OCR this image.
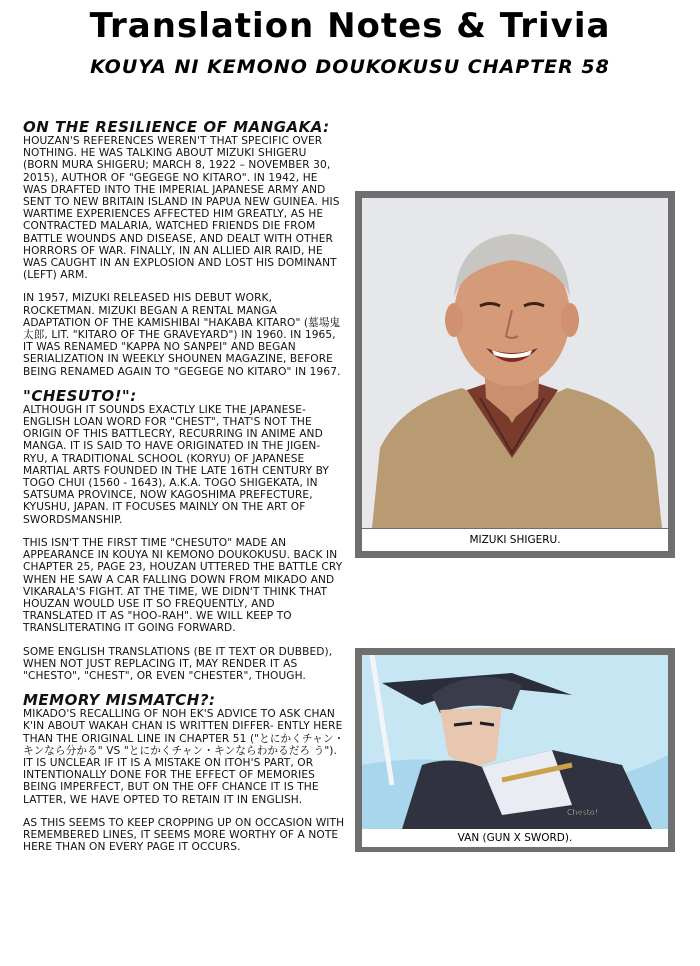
Translation Notes & Trivia
KOUYA NI KEMONO DOUKOKUSU CHAPTER 58
ON THE RESILIENCE OF MANGAKA:

HOUZAN'S REFERENCES WEREN'T THAT SPECIFIC OVER NOTHING. HE WAS TALKING ABOUT MIZUKI SHIGERU (BORN MURA SHIGERU; MARCH 8, 1922 – NOVEMBER 30, 2015), AUTHOR OF "GEGEGE NO KITARO". IN 1942, HE WAS DRAFTED INTO THE IMPERIAL JAPANESE ARMY AND SENT TO NEW BRITAIN ISLAND IN PAPUA NEW GUINEA. HIS WARTIME EXPERIENCES AFFECTED HIM GREATLY, AS HE CONTRACTED MALARIA, WATCHED FRIENDS DIE FROM BATTLE WOUNDS AND DISEASE, AND DEALT WITH OTHER HORRORS OF WAR. FINALLY, IN AN ALLIED AIR RAID, HE WAS CAUGHT IN AN EXPLOSION AND LOST HIS DOMINANT (LEFT) ARM.

IN 1957, MIZUKI RELEASED HIS DEBUT WORK, ROCKETMAN. MIZUKI BEGAN A RENTAL MANGA ADAPTATION OF THE KAMISHIBAI "HAKABA KITARO" (墓場鬼太郎, LIT. "KITARO OF THE GRAVEYARD") IN 1960. IN 1965, IT WAS RENAMED "KAPPA NO SANPEI" AND BEGAN SERIALIZATION IN WEEKLY SHOUNEN MAGAZINE, BEFORE BEING RENAMED AGAIN TO "GEGEGE NO KITARO" IN 1967.

"CHESUTO!":

ALTHOUGH IT SOUNDS EXACTLY LIKE THE JAPANESE-ENGLISH LOAN WORD FOR "CHEST", THAT'S NOT THE ORIGIN OF THIS BATTLECRY, RECURRING IN ANIME AND MANGA. IT IS SAID TO HAVE ORIGINATED IN THE JIGEN-RYU, A TRADITIONAL SCHOOL (KORYU) OF JAPANESE MARTIAL ARTS FOUNDED IN THE LATE 16TH CENTURY BY TOGO CHUI (1560 - 1643), A.K.A. TOGO SHIGEKATA, IN SATSUMA PROVINCE, NOW KAGOSHIMA PREFECTURE, KYUSHU, JAPAN. IT FOCUSES MAINLY ON THE ART OF SWORDSMANSHIP.

THIS ISN'T THE FIRST TIME "CHESUTO" MADE AN APPEARANCE IN KOUYA NI KEMONO DOUKOKUSU. BACK IN CHAPTER 25, PAGE 23, HOUZAN UTTERED THE BATTLE CRY WHEN HE SAW A CAR FALLING DOWN FROM MIKADO AND VIKARALA'S FIGHT. AT THE TIME, WE DIDN'T THINK THAT HOUZAN WOULD USE IT SO FREQUENTLY, AND TRANSLATED IT AS "HOO-RAH". WE WILL KEEP TO TRANSLITERATING IT GOING FORWARD.

SOME ENGLISH TRANSLATIONS (BE IT TEXT OR DUBBED), WHEN NOT JUST REPLACING IT, MAY RENDER IT AS "CHESTO", "CHEST", OR EVEN "CHESTER", THOUGH.

MEMORY MISMATCH?:

MIKADO'S RECALLING OF NOH EK'S ADVICE TO ASK CHAN K'IN ABOUT WAKAH CHAN IS WRITTEN DIFFER- ENTLY HERE THAN THE ORIGINAL LINE IN CHAPTER 51 ("とにかくチャン・キンなら分かる" VS "とにかくチャン・キンならわかるだろ う"). IT IS UNCLEAR IF IT IS A MISTAKE ON ITOH'S PART, OR INTENTIONALLY DONE FOR THE EFFECT OF MEMORIES BEING IMPERFECT, BUT ON THE OFF CHANCE IT IS THE LATTER, WE HAVE OPTED TO RETAIN IT IN ENGLISH.

AS THIS SEEMS TO KEEP CROPPING UP ON OCCASION WITH REMEMBERED LINES, IT SEEMS MORE WORTHY OF A NOTE HERE THAN ON EVERY PAGE IT OCCURS.

MIZUKI SHIGERU.
Chesto!
VAN (GUN X SWORD).
